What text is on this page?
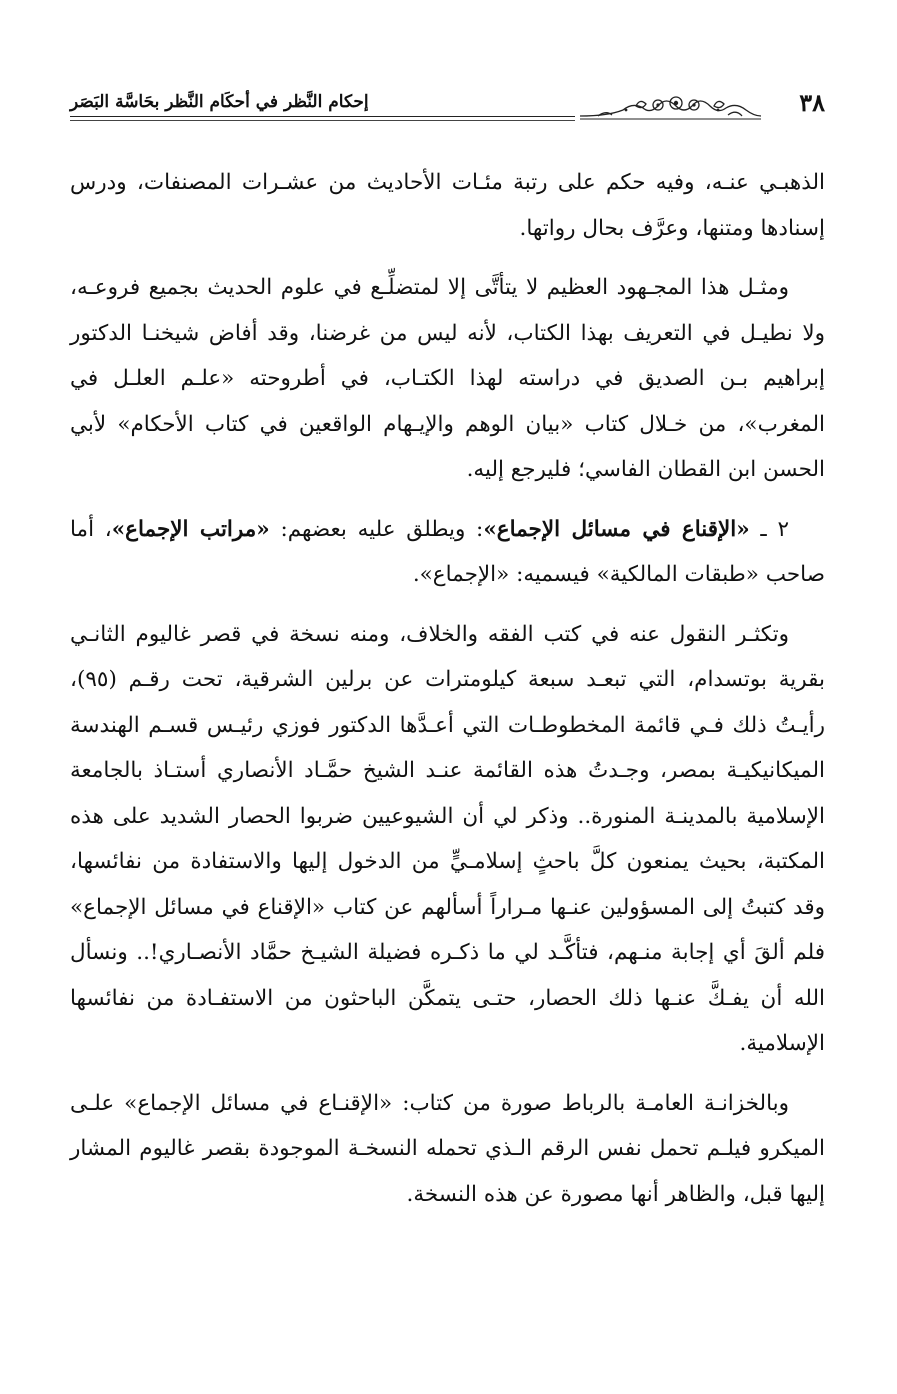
٣٨
إحكام النَّظر في أحكَام النَّظر بحَاسَّة البَصَر

الذهبـي عنـه، وفيه حكم على رتبة مئـات الأحاديث من عشـرات المصنفات، ودرس إسنادها ومتنها، وعرَّف بحال رواتها.

ومثـل هذا المجـهود العظيم لا يتأتَّى إلا لمتضلِّـع في علوم الحديث بجميع فروعـه، ولا نطيـل في التعريف بهذا الكتاب، لأنه ليس من غرضنا، وقد أفاض شيخنـا الدكتور إبراهيم بـن الصديق في دراسته لهذا الكتـاب، في أطروحته «علـم العلـل في المغرب»، من خـلال كتاب «بيان الوهم والإيـهام الواقعين في كتاب الأحكام» لأبي الحسن ابن القطان الفاسي؛ فليرجع إليه.

٢ ـ «الإقناع في مسائل الإجماع»: ويطلق عليه بعضهم: «مراتب الإجماع»، أما صاحب «طبقات المالكية» فيسميه: «الإجماع».

وتكثـر النقول عنه في كتب الفقه والخلاف، ومنه نسخة في قصر غاليوم الثانـي بقرية بوتسدام، التي تبعـد سبعة كيلومترات عن برلين الشرقية، تحت رقـم (٩٥)، رأيـتُ ذلك فـي قائمة المخطوطـات التي أعـدَّها الدكتور فوزي رئيـس قسـم الهندسة الميكانيكيـة بمصر، وجـدتُ هذه القائمة عنـد الشيخ حمَّـاد الأنصاري أستـاذ بالجامعة الإسلامية بالمدينـة المنورة.. وذكر لي أن الشيوعيين ضربوا الحصار الشديد على هذه المكتبة، بحيث يمنعون كلَّ باحثٍ إسلامـيٍّ من الدخول إليها والاستفادة من نفائسها، وقد كتبتُ إلى المسؤولين عنـها مـراراً أسألهم عن كتاب «الإقناع في مسائل الإجماع» فلم ألقَ أي إجابة منـهم، فتأكَّـد لي ما ذكـره فضيلة الشيـخ حمَّاد الأنصـاري!.. ونسأل الله أن يفـكَّ عنـها ذلك الحصار، حتـى يتمكَّن الباحثون من الاستفـادة من نفائسها الإسلامية.

وبالخزانـة العامـة بالرباط صورة من كتاب: «الإقنـاع في مسائل الإجماع» علـى الميكرو فيلـم تحمل نفس الرقم الـذي تحمله النسخـة الموجودة بقصر غاليوم المشار إليها قبل، والظاهر أنها مصورة عن هذه النسخة.
